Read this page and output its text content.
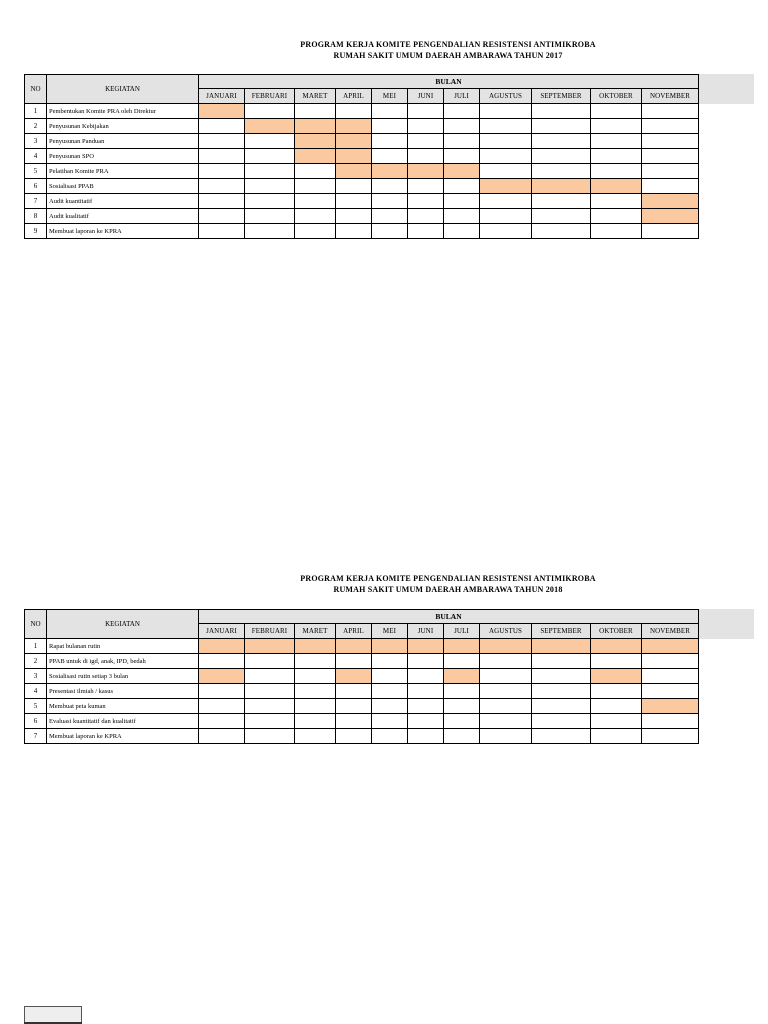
PROGRAM KERJA KOMITE PENGENDALIAN RESISTENSI ANTIMIKROBA
RUMAH SAKIT UMUM DAERAH AMBARAWA TAHUN 2017
NO	KEGIATAN	BULAN										
		JANUARI	FEBRUARI	MARET	APRIL	MEI	JUNI	JULI	AGUSTUS	SEPTEMBER	OKTOBER	NOVEMBER
1	Pembentukan Komite PRA oleh Direktur											
2	Penyusunan Kebijakan											
3	Penyusunan Panduan											
4	Penyusunan SPO											
5	Pelatihan Komite PRA											
6	Sosialisasi PPAB											
7	Audit kuantitatif											
8	Audit kualitatif											
9	Membuat laporan ke KPRA											
PROGRAM KERJA KOMITE PENGENDALIAN RESISTENSI ANTIMIKROBA
RUMAH SAKIT UMUM DAERAH AMBARAWA TAHUN 2018
NO	KEGIATAN	BULAN										
		JANUARI	FEBRUARI	MARET	APRIL	MEI	JUNI	JULI	AGUSTUS	SEPTEMBER	OKTOBER	NOVEMBER
1	Rapat bulanan rutin											
2	PPAB untuk di igd, anak, IPD, bedah											
3	Sosialisasi rutin setiap 3 bulan											
4	Presentasi ilmiah / kasus											
5	Membuat peta kuman											
6	Evaluasi kuantitatif dan kualitatif											
7	Membuat laporan ke KPRA											
